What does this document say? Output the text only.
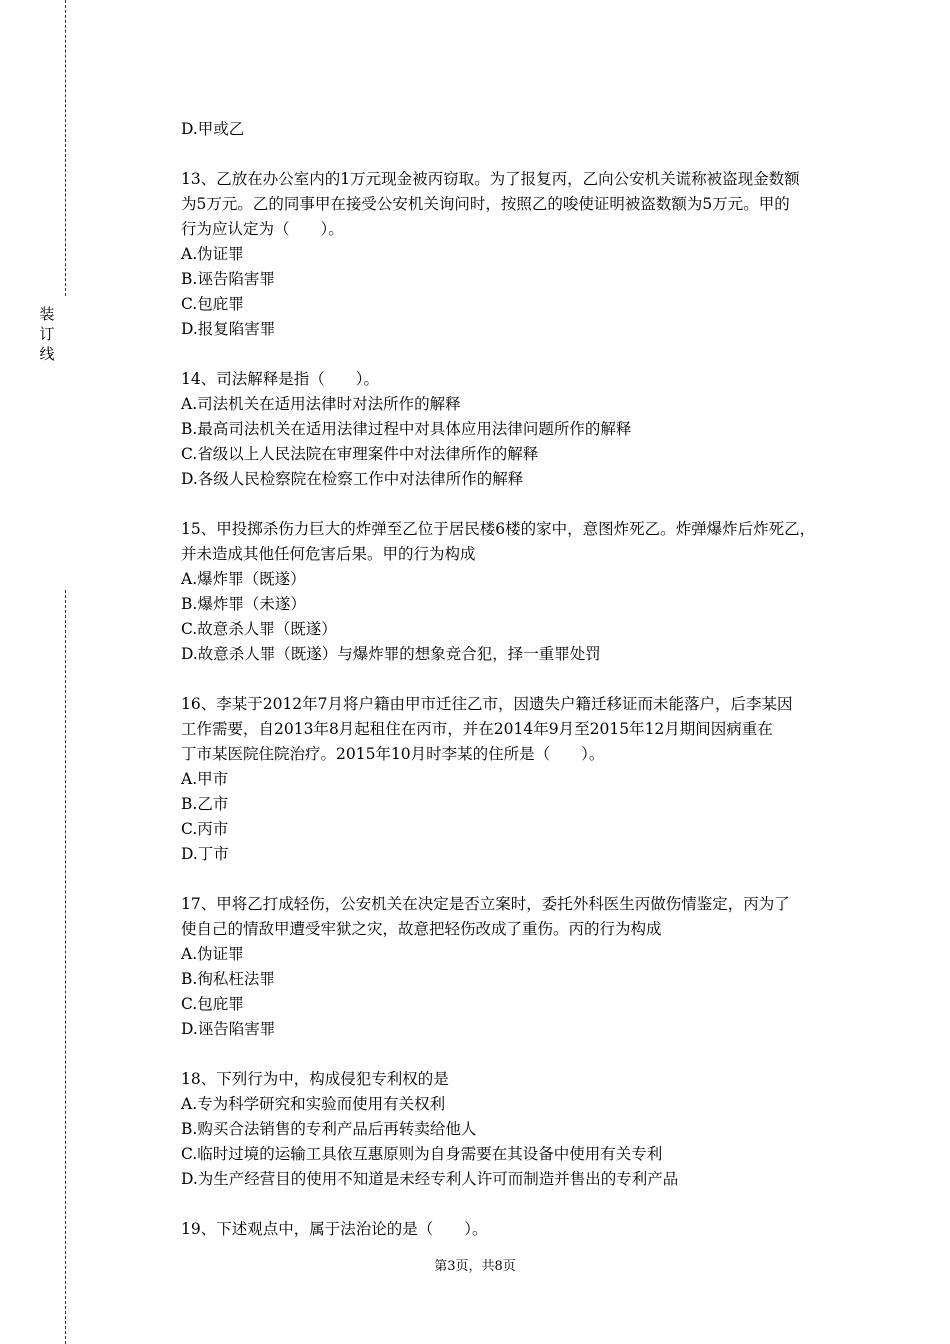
装
订
线
D.甲或乙
13、乙放在办公室内的1万元现金被丙窃取。为了报复丙，乙向公安机关谎称被盗现金数额
为5万元。乙的同事甲在接受公安机关询问时，按照乙的唆使证明被盗数额为5万元。甲的
行为应认定为（　　）。
A.伪证罪
B.诬告陷害罪
C.包庇罪
D.报复陷害罪
14、司法解释是指（　　）。
A.司法机关在适用法律时对法所作的解释
B.最高司法机关在适用法律过程中对具体应用法律问题所作的解释
C.省级以上人民法院在审理案件中对法律所作的解释
D.各级人民检察院在检察工作中对法律所作的解释
15、甲投掷杀伤力巨大的炸弹至乙位于居民楼6楼的家中，意图炸死乙。炸弹爆炸后炸死乙，
并未造成其他任何危害后果。甲的行为构成
A.爆炸罪（既遂）
B.爆炸罪（未遂）
C.故意杀人罪（既遂）
D.故意杀人罪（既遂）与爆炸罪的想象竞合犯，择一重罪处罚
16、李某于2012年7月将户籍由甲市迁往乙市，因遗失户籍迁移证而未能落户，后李某因
工作需要，自2013年8月起租住在丙市，并在2014年9月至2015年12月期间因病重在
丁市某医院住院治疗。2015年10月时李某的住所是（　　）。
A.甲市
B.乙市
C.丙市
D.丁市
17、甲将乙打成轻伤，公安机关在决定是否立案时，委托外科医生丙做伤情鉴定，丙为了
使自己的情敌甲遭受牢狱之灾，故意把轻伤改成了重伤。丙的行为构成
A.伪证罪
B.徇私枉法罪
C.包庇罪
D.诬告陷害罪
18、下列行为中，构成侵犯专利权的是
A.专为科学研究和实验而使用有关权利
B.购买合法销售的专利产品后再转卖给他人
C.临时过境的运输工具依互惠原则为自身需要在其设备中使用有关专利
D.为生产经营目的使用不知道是未经专利人许可而制造并售出的专利产品
19、下述观点中，属于法治论的是（　　）。
第3页，共8页
